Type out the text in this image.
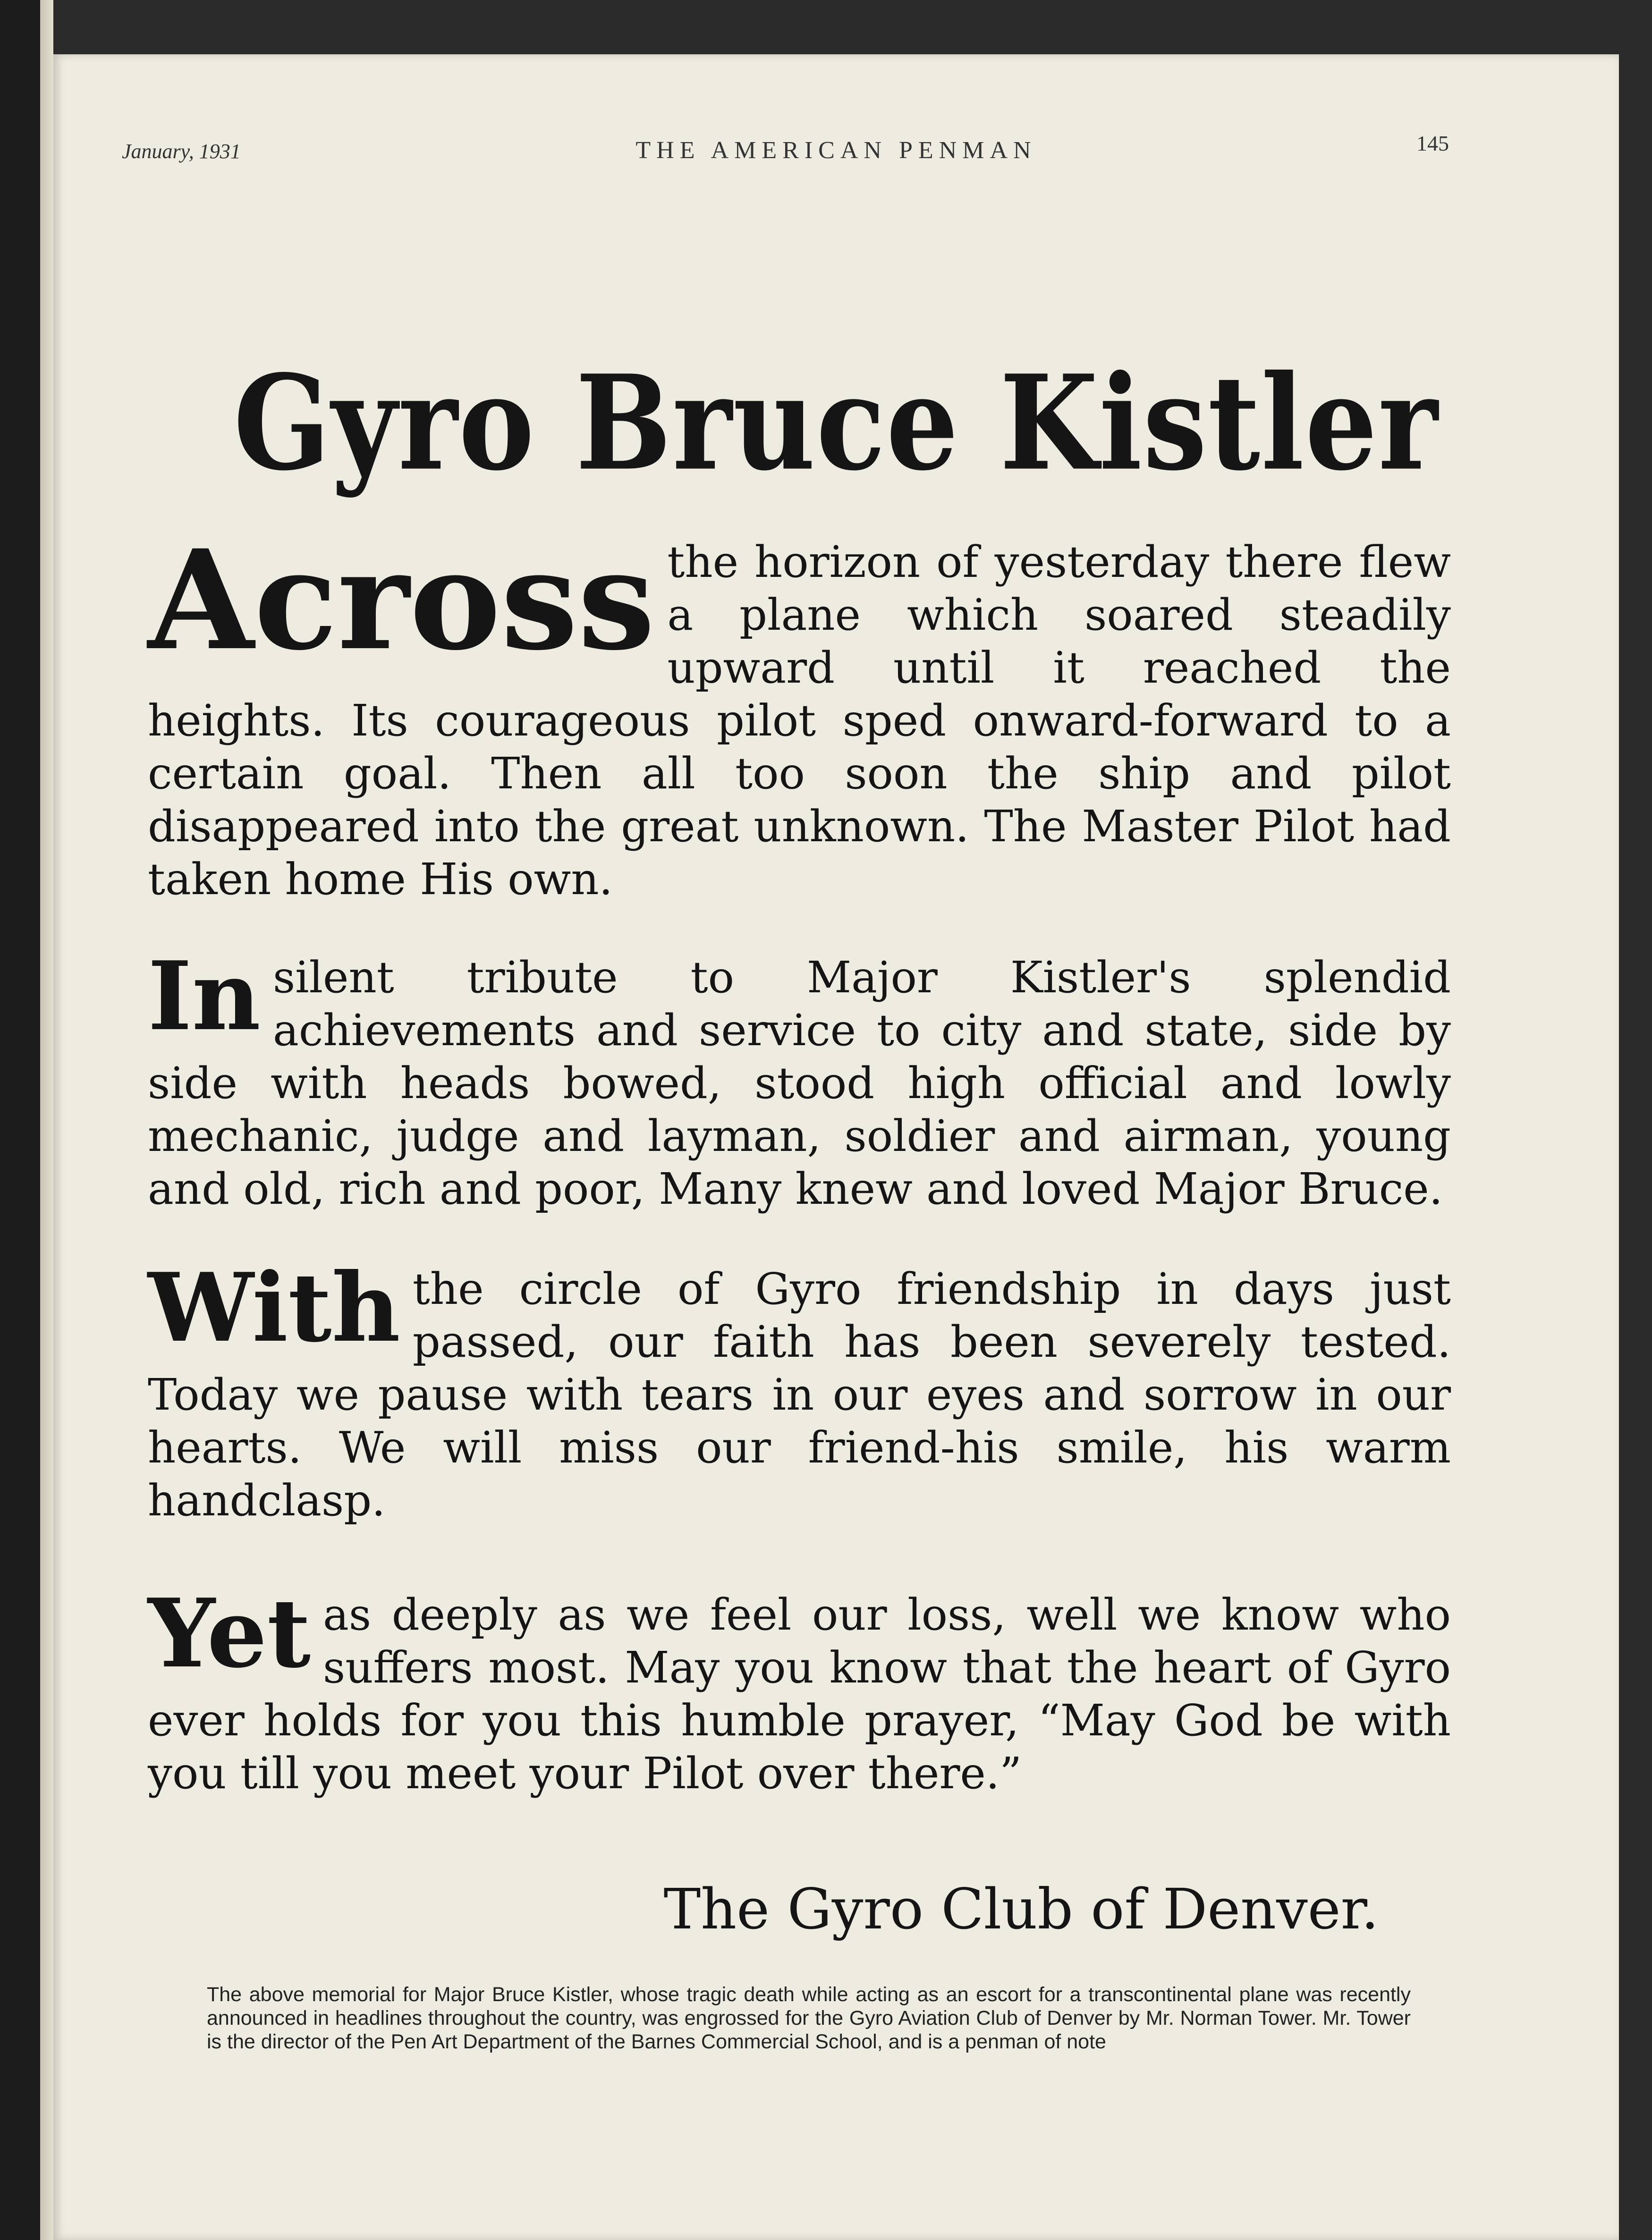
January, 1931	THE AMERICAN PENMAN	145
Gyro Bruce Kistler
Across the horizon of yesterday there flew a plane which soared steadily upward until it reached the heights. Its courageous pilot sped onward-forward to a certain goal. Then all too soon the ship and pilot disappeared into the great unknown. The Master Pilot had taken home His own.
In silent tribute to Major Kistler's splendid achievements and service to city and state, side by side with heads bowed, stood high official and lowly mechanic, judge and layman, soldier and airman, young and old, rich and poor, Many knew and loved Major Bruce.
With the circle of Gyro friendship in days just passed, our faith has been severely tested. Today we pause with tears in our eyes and sorrow in our hearts. We will miss our friend-his smile, his warm handclasp.
Yet as deeply as we feel our loss, well we know who suffers most. May you know that the heart of Gyro ever holds for you this humble prayer, “May God be with you till you meet your Pilot over there.”
The Gyro Club of Denver.
The above memorial for Major Bruce Kistler, whose tragic death while acting as an escort for a transcontinental plane was recently announced in headlines throughout the country, was engrossed for the Gyro Aviation Club of Denver by Mr. Norman Tower. Mr. Tower is the director of the Pen Art Department of the Barnes Commercial School, and is a penman of note
